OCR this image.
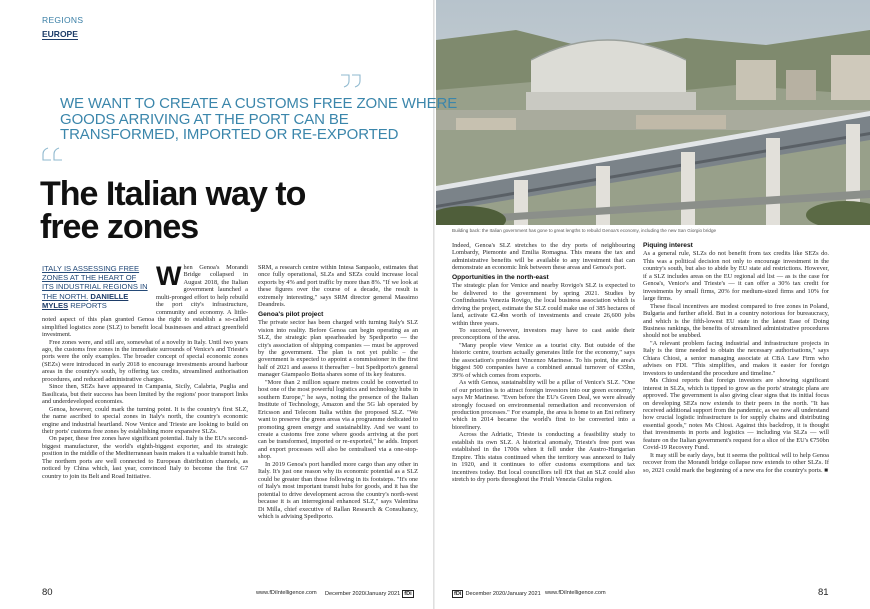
REGIONS
EUROPE
WE WANT TO CREATE A CUSTOMS FREE ZONE WHERE GOODS ARRIVING AT THE PORT CAN BE TRANSFORMED, IMPORTED OR RE-EXPORTED
The Italian way to free zones
ITALY IS ASSESSING FREE ZONES AT THE HEART OF ITS INDUSTRIAL REGIONS IN THE NORTH. DANIELLE MYLES REPORTS

When Genoa's Morandi Bridge collapsed in August 2018, the Italian government launched a multi-pronged effort to help rebuild the port city's infrastructure, community and economy. A little-noted aspect of this plan granted Genoa the right to establish a so-called simplified logistics zone (SLZ) to benefit local businesses and attract greenfield investment.

Free zones were, and still are, somewhat of a novelty in Italy. Until two years ago, the customs free zones in the immediate surrounds of Venice's and Trieste's ports were the only examples. The broader concept of special economic zones (SEZs) were introduced in early 2018 to encourage investments around harbour areas in the country's south, by offering tax credits, streamlined authorisation procedures, and reduced administrative charges.

Since then, SEZs have appeared in Campania, Sicily, Calabria, Puglia and Basilicata, but their success has been limited by the regions' poor transport links and underdeveloped economies.

Genoa, however, could mark the turning point. It is the country's first SLZ, the name ascribed to special zones in Italy's north, the country's economic engine and industrial heartland. Now Venice and Trieste are looking to build on their ports' customs free zones by establishing more expansive SLZs.

On paper, these free zones have significant potential. Italy is the EU's second-biggest manufacturer, the world's eighth-biggest exporter, and its strategic position in the middle of the Mediterranean basin makes it a valuable transit hub. The northern ports are well connected to European distribution channels, as noticed by China which, last year, convinced Italy to become the first G7 country to join its Belt and Road Initiative.

SRM, a research centre within Intesa Sanpaolo, estimates that once fully operational, SLZs and SEZs could increase local exports by 4% and port traffic by more than 8%. "If we look at these figures over the course of a decade, the result is extremely interesting," says SRM director general Massimo Deandreis.

Genoa's pilot project

The private sector has been charged with turning Italy's SLZ vision into reality. Before Genoa can begin operating as an SLZ, the strategic plan spearheaded by Spediporto — the city's association of shipping companies — must be approved by the government. The plan is not yet public – the government is expected to appoint a commissioner in the first half of 2021 and assess it thereafter – but Spediporto's general manager Giampaolo Botta shares some of its key features.

"More than 2 million square metres could be converted to host one of the most powerful logistics and technology hubs in southern Europe," he says, noting the presence of the Italian Institute of Technology, Amazon and the 5G lab operated by Ericsson and Telecom Italia within the proposed SLZ. "We want to preserve the green areas via a programme dedicated to promoting green energy and sustainability. And we want to create a customs free zone where goods arriving at the port can be transformed, imported or re-exported," he adds. Import and export processes will also be centralised via a one-stop-shop.

In 2019 Genoa's port handled more cargo than any other in Italy. It's just one reason why its economic potential as a SLZ could be greater than those following in its footsteps. "It's one of Italy's most important transit hubs for goods, and it has the potential to drive development across the country's north-west because it is an interregional enhanced SLZ," says Valentina Di Milla, chief executive of Rallan Research & Consultancy, which is advising Spediporto.

80	www.fDiIntelligence.com December 2020/January 2021 fDi
Building back: the Italian government has gone to great lengths to rebuild Genoa's economy, including the new San Giorgio bridge

Indeed, Genoa's SLZ stretches to the dry ports of neighbouring Lombardy, Piemonte and Emilia Romagna. This means the tax and administrative benefits will be available to any investment that can demonstrate an economic link between these areas and Genoa's port.

Opportunities in the north-east

The strategic plan for Venice and nearby Rovigo's SLZ is expected to be delivered to the government by spring 2021. Studies by Confindustria Venezia Rovigo, the local business association which is driving the project, estimate the SLZ could make use of 385 hectares of land, activate €2.4bn worth of investments and create 26,600 jobs within three years.

To succeed, however, investors may have to cast aside their preconceptions of the area.

"Many people view Venice as a tourist city. But outside of the historic centre, tourism actually generates little for the economy," says the association's president Vincenzo Marinese. To his point, the area's biggest 500 companies have a combined annual turnover of €35bn, 39% of which comes from exports.

As with Genoa, sustainability will be a pillar of Venice's SLZ. "One of our priorities is to attract foreign investors into our green economy," says Mr Marinese. "Even before the EU's Green Deal, we were already strongly focused on environmental remediation and reconversion of production processes." For example, the area is home to an Eni refinery which in 2014 became the world's first to be converted into a biorefinery.

Across the Adriatic, Trieste is conducting a feasibility study to establish its own SLZ. A historical anomaly, Trieste's free port was established in the 1700s when it fell under the Austro-Hungarian Empire. This status continued when the territory was annexed to Italy in 1920, and it continues to offer customs exemptions and tax incentives today. But local councillors tell fDi that an SLZ could also stretch to dry ports throughout the Friuli Venezia Giulia region.

Piquing interest

As a general rule, SLZs do not benefit from tax credits like SEZs do. This was a political decision not only to encourage investment in the country's south, but also to abide by EU state aid restrictions. However, if a SLZ includes areas on the EU regional aid list — as is the case for Genoa's, Venice's and Trieste's — it can offer a 30% tax credit for investments by small firms, 20% for medium-sized firms and 10% for large firms.

These fiscal incentives are modest compared to free zones in Poland, Bulgaria and further afield. But in a country notorious for bureaucracy, and which is the fifth-lowest EU state in the latest Ease of Doing Business rankings, the benefits of streamlined administrative procedures should not be snubbed.

"A relevant problem facing industrial and infrastructure projects in Italy is the time needed to obtain the necessary authorisations," says Chiara Chiosi, a senior managing associate at CBA Law Firm who advises on FDI. "This simplifies, and makes it easier for foreign investors to understand the procedure and timeline."

Ms Chiosi reports that foreign investors are showing significant interest in SLZs, which is tipped to grow as the ports' strategic plans are approved. The government is also giving clear signs that its initial focus on developing SEZs now extends to their peers in the north. "It has received additional support from the pandemic, as we now all understand how crucial logistic infrastructure is for supply chains and distributing essential goods," notes Ms Chiosi. Against this backdrop, it is thought that investments in ports and logistics — including via SLZs — will feature on the Italian government's request for a slice of the EU's €750bn Covid-19 Recovery Fund.

It may still be early days, but it seems the political will to help Genoa recover from the Morandi bridge collapse now extends to other SLZs. If so, 2021 could mark the beginning of a new era for the country's ports. ■

fDi December 2020/January 2021 www.fDiIntelligence.com	81
